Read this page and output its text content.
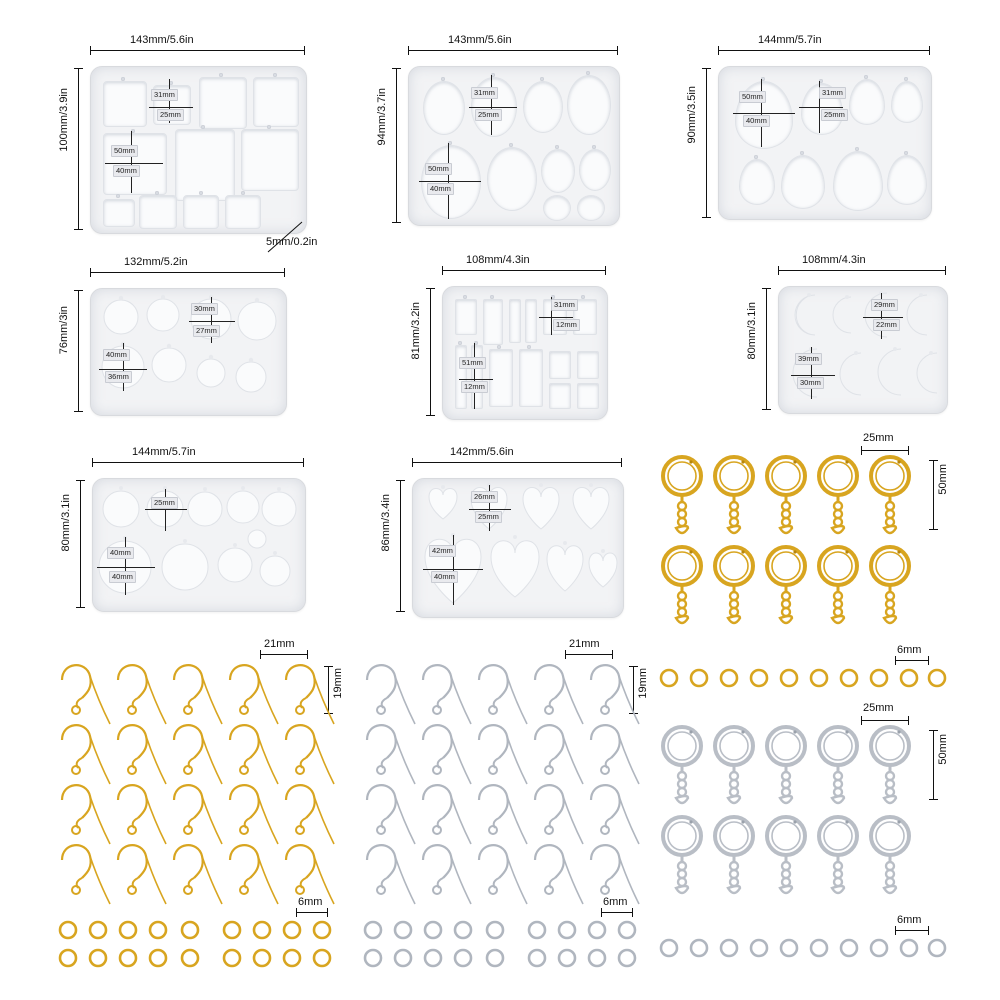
143mm/5.6in
100mm/3.9in	31mm
25mm
50mm
40mm
5mm/0.2in
143mm/5.6in
94mm/3.7in	31mm
25mm
50mm
40mm
144mm/5.7in
90mm/3.5in	50mm
40mm
31mm
25mm
132mm/5.2in
76mm/3in	30mm
27mm
40mm
36mm
108mm/4.3in
81mm/3.2in	31mm
12mm
51mm
12mm
108mm/4.3in
80mm/3.1in	29mm
22mm
39mm
30mm
144mm/5.7in
80mm/3.1in	25mm
40mm
40mm
142mm/5.6in
86mm/3.4in	26mm
25mm
42mm
40mm
25mm
50mm
6mm
25mm
50mm
6mm
21mm
19mm
6mm
21mm
19mm
6mm
